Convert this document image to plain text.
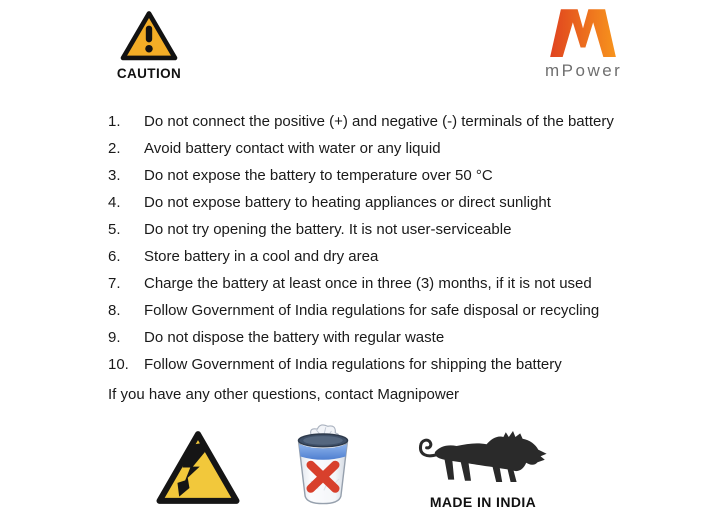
CAUTION	mPower
1.	Do not connect the positive (+) and negative (-) terminals of the battery
2.	Avoid battery contact with water or any liquid
3.	Do not expose the battery to temperature over 50 °C
4.	Do not expose battery to heating appliances or direct sunlight
5.	Do not try opening the battery. It is not user-serviceable
6.	Store battery in a cool and dry area
7.	Charge the battery at least once in three (3) months, if it is not used
8.	Follow Government of India regulations for safe disposal or recycling
9.	Do not dispose the battery with regular waste
10.	Follow Government of India regulations for shipping the battery
If you have any other questions, contact Magnipower
MADE IN INDIA
